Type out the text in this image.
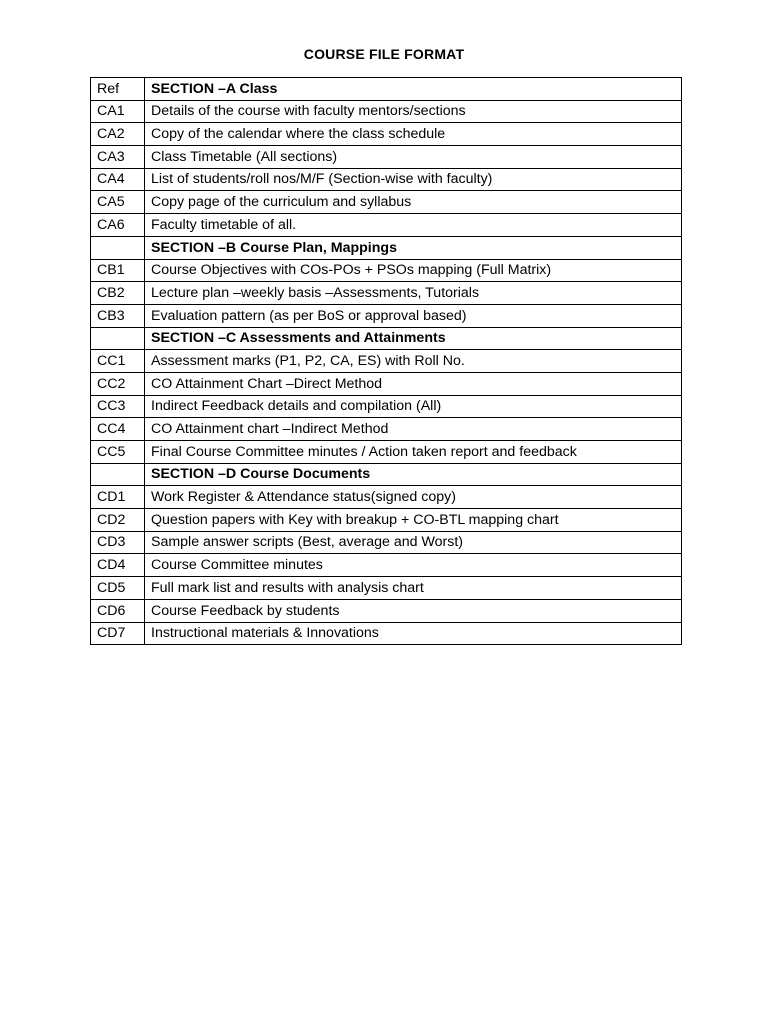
COURSE FILE FORMAT
Ref	SECTION –A Class
CA1	Details of the course with faculty mentors/sections
CA2	Copy of the calendar where the class schedule
CA3	Class Timetable (All sections)
CA4	List of students/roll nos/M/F (Section-wise with faculty)
CA5	Copy page of the curriculum and syllabus
CA6	Faculty timetable of all.
	SECTION –B Course Plan, Mappings
CB1	Course Objectives with COs-POs + PSOs mapping (Full Matrix)
CB2	Lecture plan –weekly basis –Assessments, Tutorials
CB3	Evaluation pattern (as per BoS or approval based)
	SECTION –C Assessments and Attainments
CC1	Assessment marks (P1, P2, CA, ES) with Roll No.
CC2	CO Attainment Chart –Direct Method
CC3	Indirect Feedback details and compilation (All)
CC4	CO Attainment chart –Indirect Method
CC5	Final Course Committee minutes / Action taken report and feedback
	SECTION –D Course Documents
CD1	Work Register & Attendance status(signed copy)
CD2	Question papers with Key with breakup + CO-BTL mapping chart
CD3	Sample answer scripts (Best, average and Worst)
CD4	Course Committee minutes
CD5	Full mark list and results with analysis chart
CD6	Course Feedback by students
CD7	Instructional materials & Innovations
